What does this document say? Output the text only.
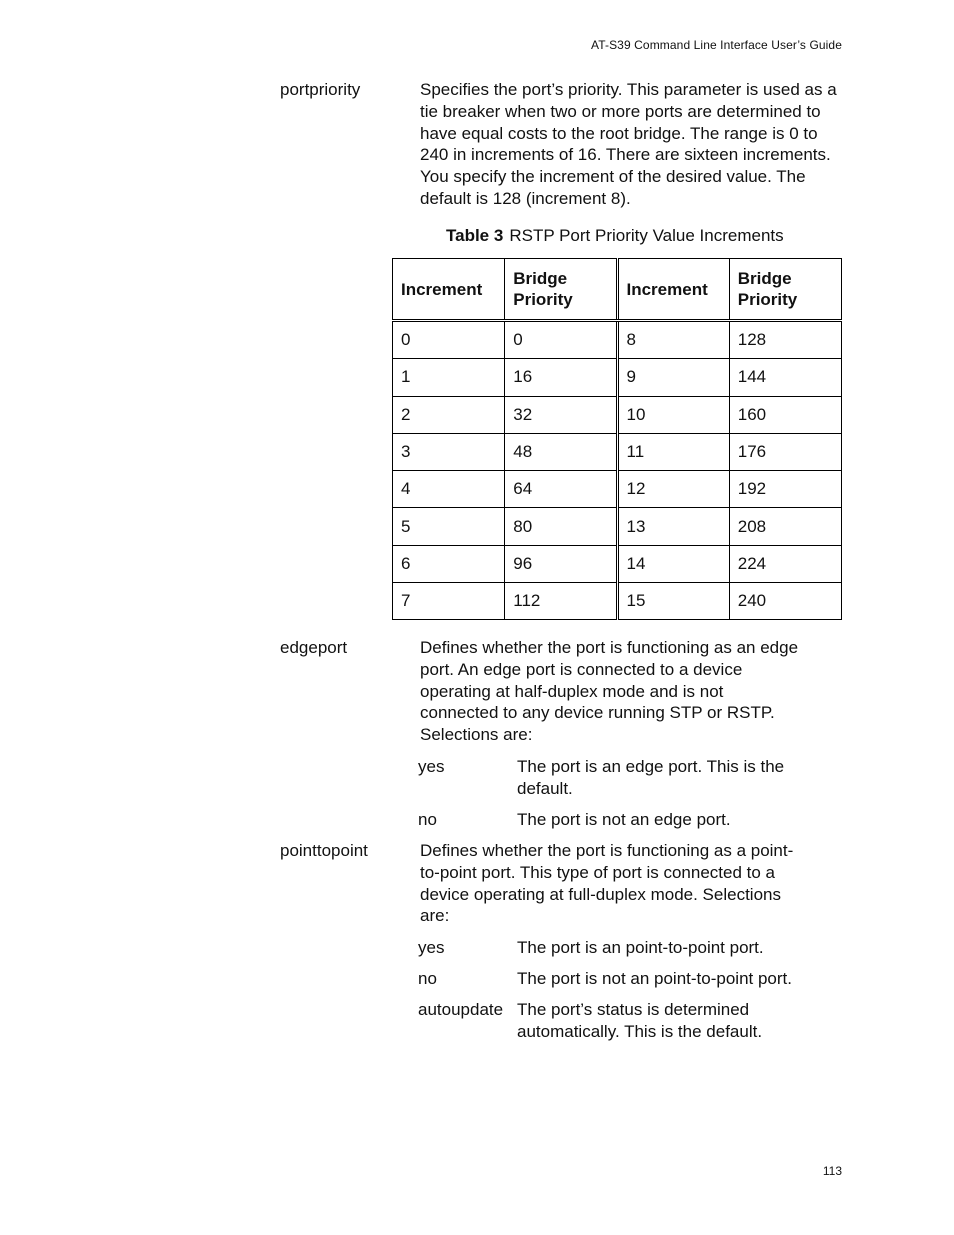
AT-S39 Command Line Interface User’s Guide
portpriority	Specifies the port’s priority. This parameter is used as a
tie breaker when two or more ports are determined to
have equal costs to the root bridge. The range is 0 to
240 in increments of 16. There are sixteen increments.
You specify the increment of the desired value. The
default is 128 (increment 8).
Table 3 RSTP Port Priority Value Increments
Increment	Bridge Priority	Increment	Bridge Priority
0	0	8	128
1	16	9	144
2	32	10	160
3	48	11	176
4	64	12	192
5	80	13	208
6	96	14	224
7	112	15	240
edgeport	Defines whether the port is functioning as an edge
port. An edge port is connected to a device
operating at half-duplex mode and is not
connected to any device running STP or RSTP.
Selections are:
yes	The port is an edge port. This is the
default.
no	The port is not an edge port.
pointtopoint	Defines whether the port is functioning as a point-
to-point port. This type of port is connected to a
device operating at full-duplex mode. Selections
are:
yes	The port is an point-to-point port.
no	The port is not an point-to-point port.
autoupdate The port’s status is determined
automatically. This is the default.
113
